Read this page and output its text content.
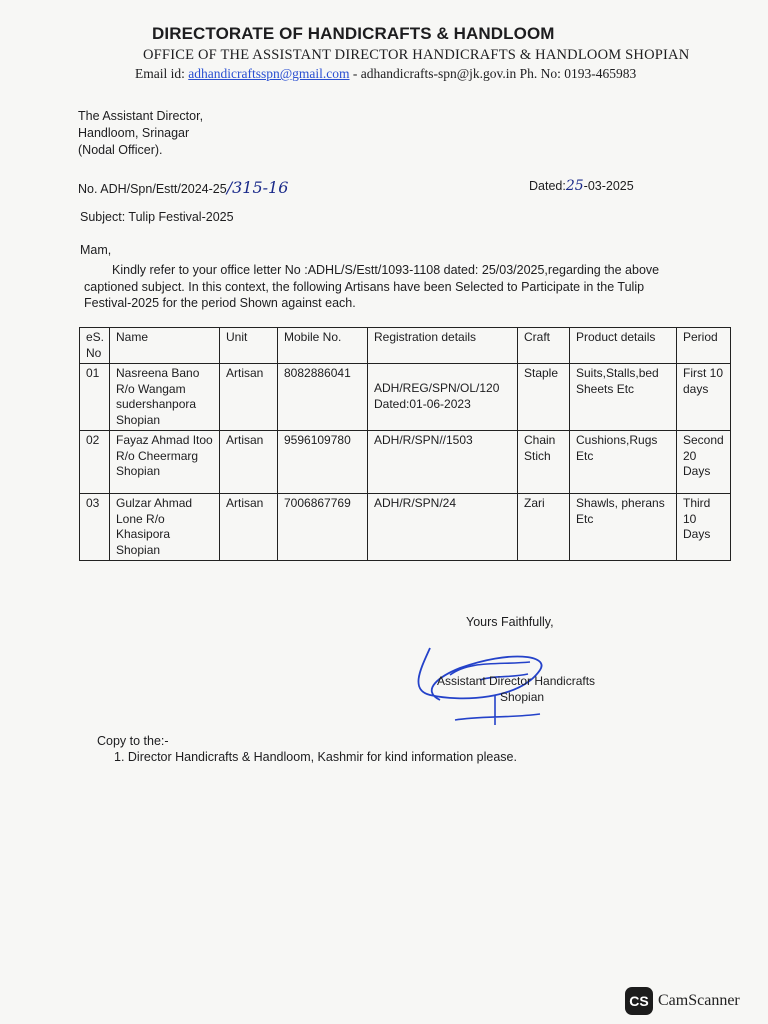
DIRECTORATE OF HANDICRAFTS & HANDLOOM
OFFICE OF THE ASSISTANT DIRECTOR HANDICRAFTS & HANDLOOM SHOPIAN
Email id: adhandicraftsspn@gmail.com - adhandicrafts-spn@jk.gov.in Ph. No: 0193-465983
The Assistant Director,
Handloom, Srinagar
(Nodal Officer).
No. ADH/Spn/Estt/2024-25/315-16	Dated:25-03-2025
Subject: Tulip Festival-2025
Mam,
Kindly refer to your office letter No :ADHL/S/Estt/1093-1108 dated: 25/03/2025,regarding the above captioned subject. In this context, the following Artisans have been Selected to Participate in the Tulip Festival-2025 for the period Shown against each.
eS. No	Name	Unit	Mobile No.	Registration details	Craft	Product details	Period
01	Nasreena Bano R/o Wangam sudershanpora Shopian	Artisan	8082886041	ADH/REG/SPN/OL/120 Dated:01-06-2023	Staple	Suits,Stalls,bed Sheets Etc	First 10 days
02	Fayaz Ahmad Itoo R/o Cheermarg Shopian	Artisan	9596109780	ADH/R/SPN//1503	Chain Stich	Cushions,Rugs Etc	Second 20 Days
03	Gulzar Ahmad Lone R/o Khasipora Shopian	Artisan	7006867769	ADH/R/SPN/24	Zari	Shawls, pherans Etc	Third 10 Days
Yours Faithfully,
Assistant Director Handicrafts
Shopian
Copy to the:-
1. Director Handicrafts & Handloom, Kashmir for kind information please.
CS CamScanner
